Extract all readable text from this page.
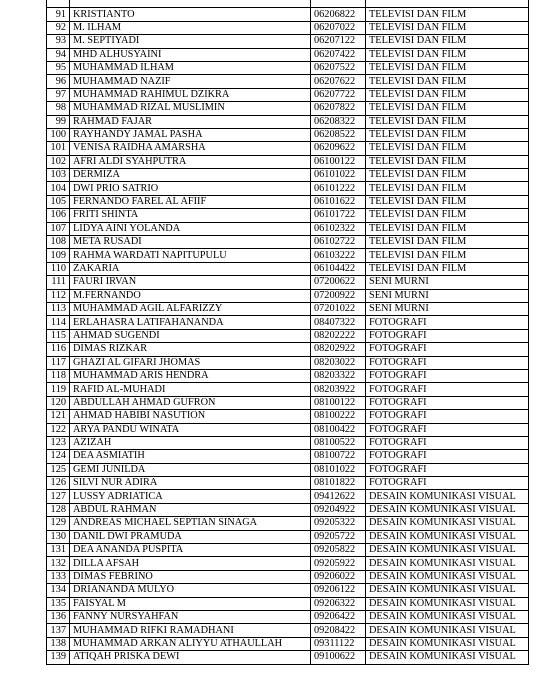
91	KRISTIANTO	06206822	TELEVISI DAN FILM
92	M. ILHAM	06207022	TELEVISI DAN FILM
93	M. SEPTIYADI	06207122	TELEVISI DAN FILM
94	MHD ALHUSYAINI	06207422	TELEVISI DAN FILM
95	MUHAMMAD ILHAM	06207522	TELEVISI DAN FILM
96	MUHAMMAD NAZIF	06207622	TELEVISI DAN FILM
97	MUHAMMAD RAHIMUL DZIKRA	06207722	TELEVISI DAN FILM
98	MUHAMMAD RIZAL MUSLIMIN	06207822	TELEVISI DAN FILM
99	RAHMAD FAJAR	06208322	TELEVISI DAN FILM
100	RAYHANDY JAMAL PASHA	06208522	TELEVISI DAN FILM
101	VENISA RAIDHA AMARSHA	06209622	TELEVISI DAN FILM
102	AFRI ALDI SYAHPUTRA	06100122	TELEVISI DAN FILM
103	DERMIZA	06101022	TELEVISI DAN FILM
104	DWI PRIO SATRIO	06101222	TELEVISI DAN FILM
105	FERNANDO FAREL AL AFIIF	06101622	TELEVISI DAN FILM
106	FRITI SHINTA	06101722	TELEVISI DAN FILM
107	LIDYA AINI YOLANDA	06102322	TELEVISI DAN FILM
108	META RUSADI	06102722	TELEVISI DAN FILM
109	RAHMA WARDATI NAPITUPULU	06103222	TELEVISI DAN FILM
110	ZAKARIA	06104422	TELEVISI DAN FILM
111	FAURI IRVAN	07200622	SENI MURNI
112	M.FERNANDO	07200922	SENI MURNI
113	MUHAMMAD AGIL ALFARIZZY	07201022	SENI MURNI
114	ERLAHASRA LATIFAHANANDA	08407322	FOTOGRAFI
115	AHMAD SUGENDI	08202222	FOTOGRAFI
116	DIMAS RIZKAR	08202922	FOTOGRAFI
117	GHAZI AL GIFARI JHOMAS	08203022	FOTOGRAFI
118	MUHAMMAD ARIS HENDRA	08203322	FOTOGRAFI
119	RAFID AL-MUHADI	08203922	FOTOGRAFI
120	ABDULLAH AHMAD GUFRON	08100122	FOTOGRAFI
121	AHMAD HABIBI NASUTION	08100222	FOTOGRAFI
122	ARYA PANDU WINATA	08100422	FOTOGRAFI
123	AZIZAH	08100522	FOTOGRAFI
124	DEA ASMIATIH	08100722	FOTOGRAFI
125	GEMI JUNILDA	08101022	FOTOGRAFI
126	SILVI NUR ADIRA	08101822	FOTOGRAFI
127	LUSSY ADRIATICA	09412622	DESAIN KOMUNIKASI VISUAL
128	ABDUL RAHMAN	09204922	DESAIN KOMUNIKASI VISUAL
129	ANDREAS MICHAEL SEPTIAN SINAGA	09205322	DESAIN KOMUNIKASI VISUAL
130	DANIL DWI PRAMUDA	09205722	DESAIN KOMUNIKASI VISUAL
131	DEA ANANDA PUSPITA	09205822	DESAIN KOMUNIKASI VISUAL
132	DILLA AFSAH	09205922	DESAIN KOMUNIKASI VISUAL
133	DIMAS FEBRINO	09206022	DESAIN KOMUNIKASI VISUAL
134	DRIANANDA MULYO	09206122	DESAIN KOMUNIKASI VISUAL
135	FAISYAL M	09206322	DESAIN KOMUNIKASI VISUAL
136	FANNY NURSYAHFAN	09206422	DESAIN KOMUNIKASI VISUAL
137	MUHAMMAD RIFKI RAMADHANI	09208422	DESAIN KOMUNIKASI VISUAL
138	MUHAMMAD ARKAN ALIYYU ATHAULLAH	09311122	DESAIN KOMUNIKASI VISUAL
139	ATIQAH PRISKA DEWI	09100622	DESAIN KOMUNIKASI VISUAL
